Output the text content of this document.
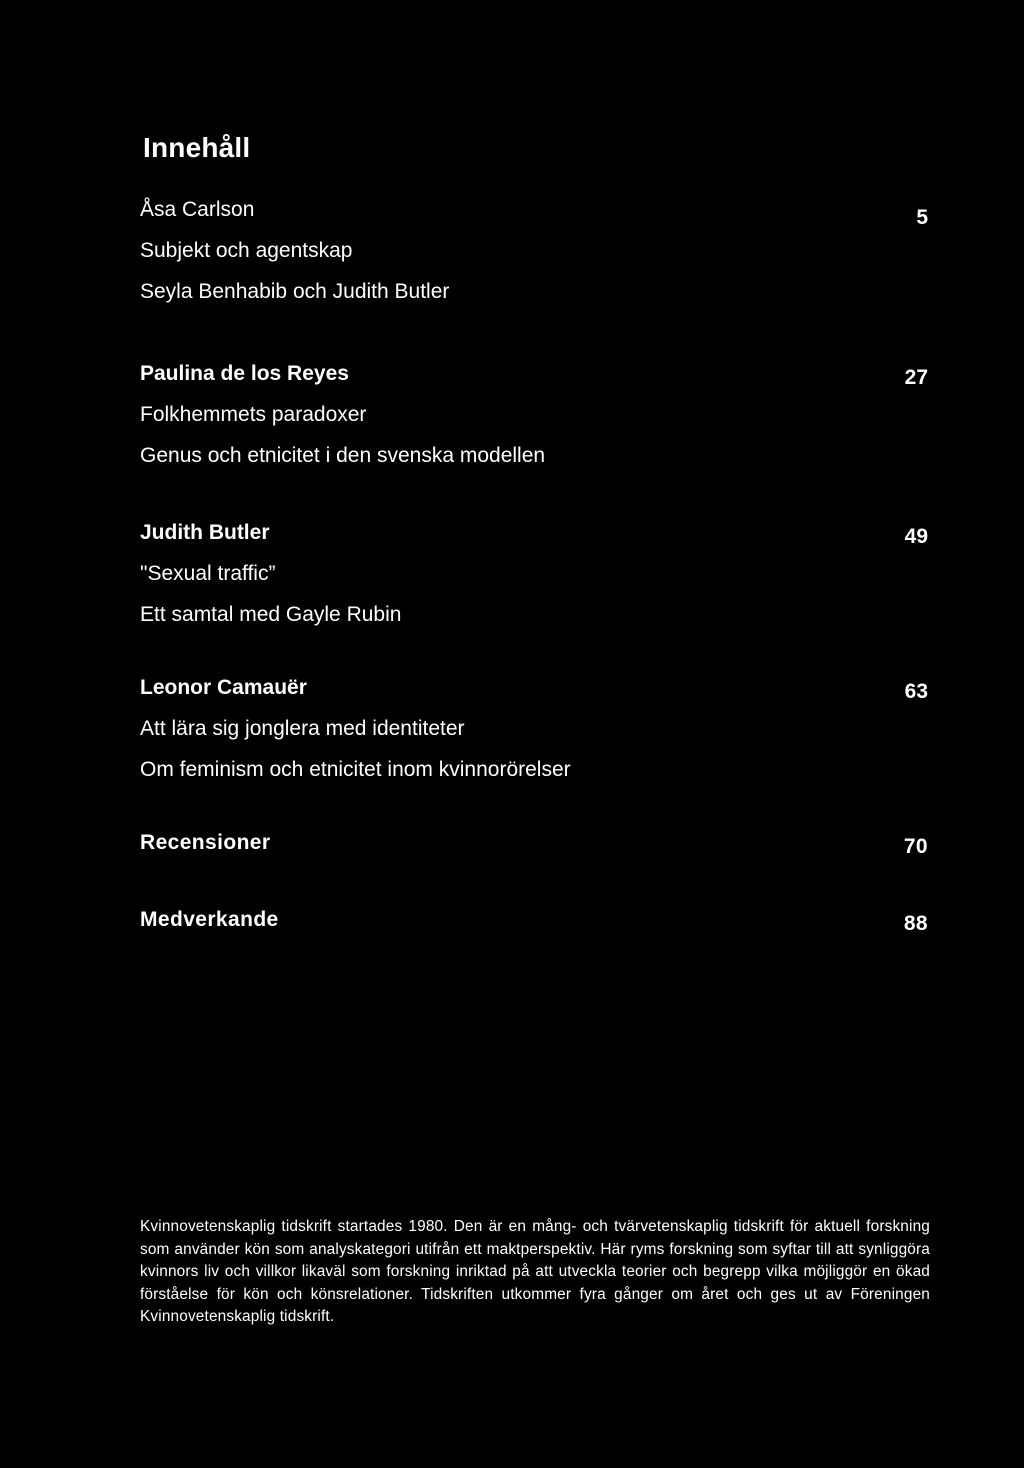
Innehåll
Åsa Carlson
Subjekt och agentskap
Seyla Benhabib och Judith Butler
5
Paulina de los Reyes
Folkhemmets paradoxer
Genus och etnicitet i den svenska modellen
27
Judith Butler
"Sexual traffic”
Ett samtal med Gayle Rubin
49
Leonor Camauër
Att lära sig jonglera med identiteter
Om feminism och etnicitet inom kvinnorörelser
63
Recensioner	70
Medverkande	88

Kvinnovetenskaplig tidskrift startades 1980. Den är en mång- och tvärvetenskaplig tidskrift för aktuell forskning som använder kön som analyskategori utifrån ett maktperspektiv. Här ryms forskning som syftar till att synliggöra kvinnors liv och villkor likaväl som forskning inriktad på att utveckla teorier och begrepp vilka möjliggör en ökad förståelse för kön och könsrelationer. Tidskriften utkommer fyra gånger om året och ges ut av Föreningen Kvinnovetenskaplig tidskrift.
